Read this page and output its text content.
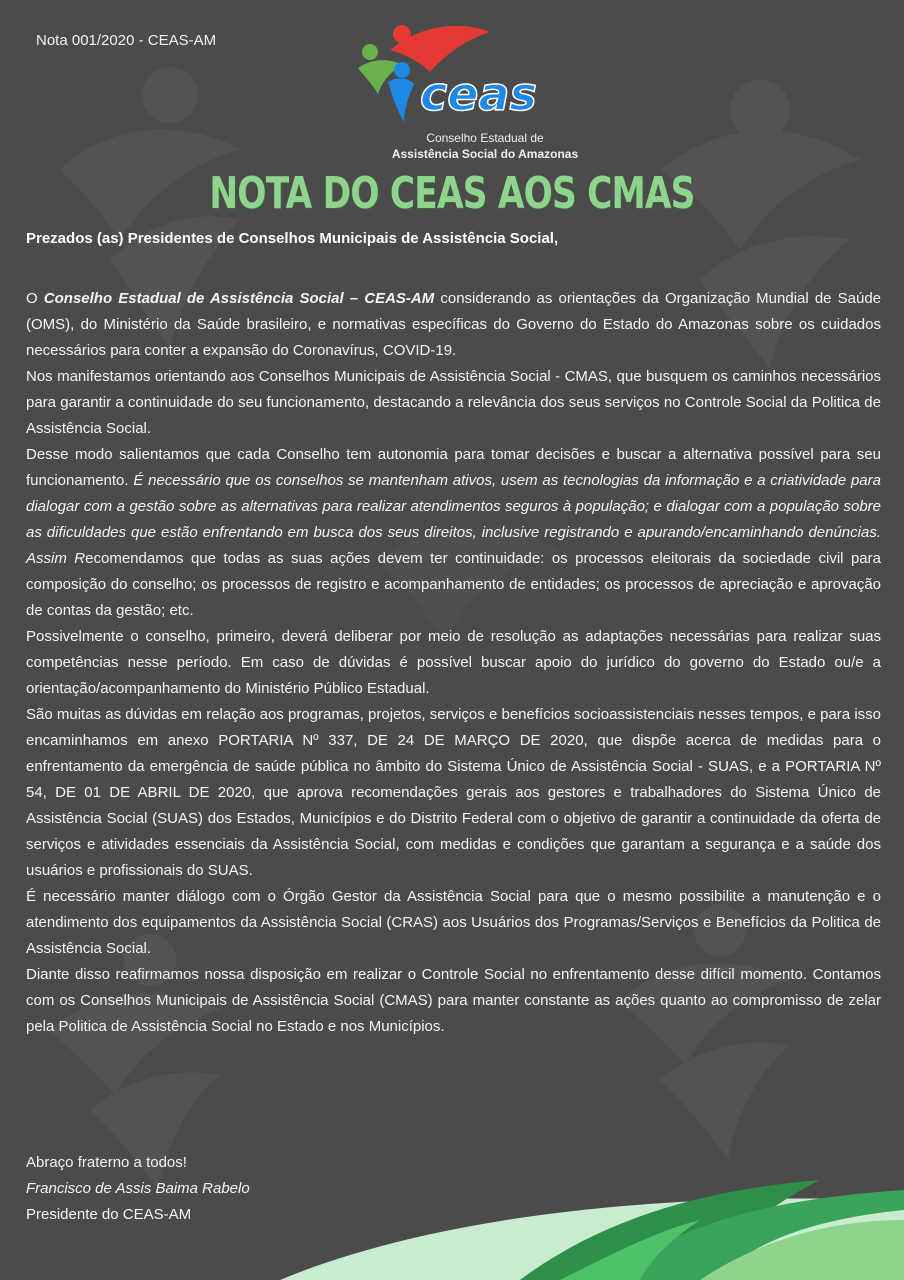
Nota 001/2020 - CEAS-AM
ceas
Conselho Estadual de
Assistência Social do Amazonas
NOTA DO CEAS AOS CMAS
Prezados (as) Presidentes de Conselhos Municipais de Assistência Social,

O Conselho Estadual de Assistência Social – CEAS-AM considerando as orientações da Organização Mundial de Saúde (OMS), do Ministério da Saúde brasileiro, e normativas específicas do Governo do Estado do Amazonas sobre os cuidados necessários para conter a expansão do Coronavírus, COVID-19.

Nos manifestamos orientando aos Conselhos Municipais de Assistência Social - CMAS, que busquem os caminhos necessários para garantir a continuidade do seu funcionamento, destacando a relevância dos seus serviços no Controle Social da Politica de Assistência Social.

Desse modo salientamos que cada Conselho tem autonomia para tomar decisões e buscar a alternativa possível para seu funcionamento. É necessário que os conselhos se mantenham ativos, usem as tecnologias da informação e a criatividade para dialogar com a gestão sobre as alternativas para realizar atendimentos seguros à população; e dialogar com a população sobre as dificuldades que estão enfrentando em busca dos seus direitos, inclusive registrando e apurando/encaminhando denúncias. Assim Recomendamos que todas as suas ações devem ter continuidade: os processos eleitorais da sociedade civil para composição do conselho; os processos de registro e acompanhamento de entidades; os processos de apreciação e aprovação de contas da gestão; etc.

Possivelmente o conselho, primeiro, deverá deliberar por meio de resolução as adaptações necessárias para realizar suas competências nesse período. Em caso de dúvidas é possível buscar apoio do jurídico do governo do Estado ou/e a orientação/acompanhamento do Ministério Público Estadual.

São muitas as dúvidas em relação aos programas, projetos, serviços e benefícios socioassistenciais nesses tempos, e para isso encaminhamos em anexo PORTARIA Nº 337, DE 24 DE MARÇO DE 2020, que dispõe acerca de medidas para o enfrentamento da emergência de saúde pública no âmbito do Sistema Único de Assistência Social - SUAS, e a PORTARIA Nº 54, DE 01 DE ABRIL DE 2020, que aprova recomendações gerais aos gestores e trabalhadores do Sistema Único de Assistência Social (SUAS) dos Estados, Municípios e do Distrito Federal com o objetivo de garantir a continuidade da oferta de serviços e atividades essenciais da Assistência Social, com medidas e condições que garantam a segurança e a saúde dos usuários e profissionais do SUAS.

É necessário manter diálogo com o Órgão Gestor da Assistência Social para que o mesmo possibilite a manutenção e o atendimento dos equipamentos da Assistência Social (CRAS) aos Usuários dos Programas/Serviços e Benefícios da Politica de Assistência Social.

Diante disso reafirmamos nossa disposição em realizar o Controle Social no enfrentamento desse difícil momento. Contamos com os Conselhos Municipais de Assistência Social (CMAS) para manter constante as ações quanto ao compromisso de zelar pela Politica de Assistência Social no Estado e nos Municípios.

Abraço fraterno a todos!
Francisco de Assis Baima Rabelo
Presidente do CEAS-AM
